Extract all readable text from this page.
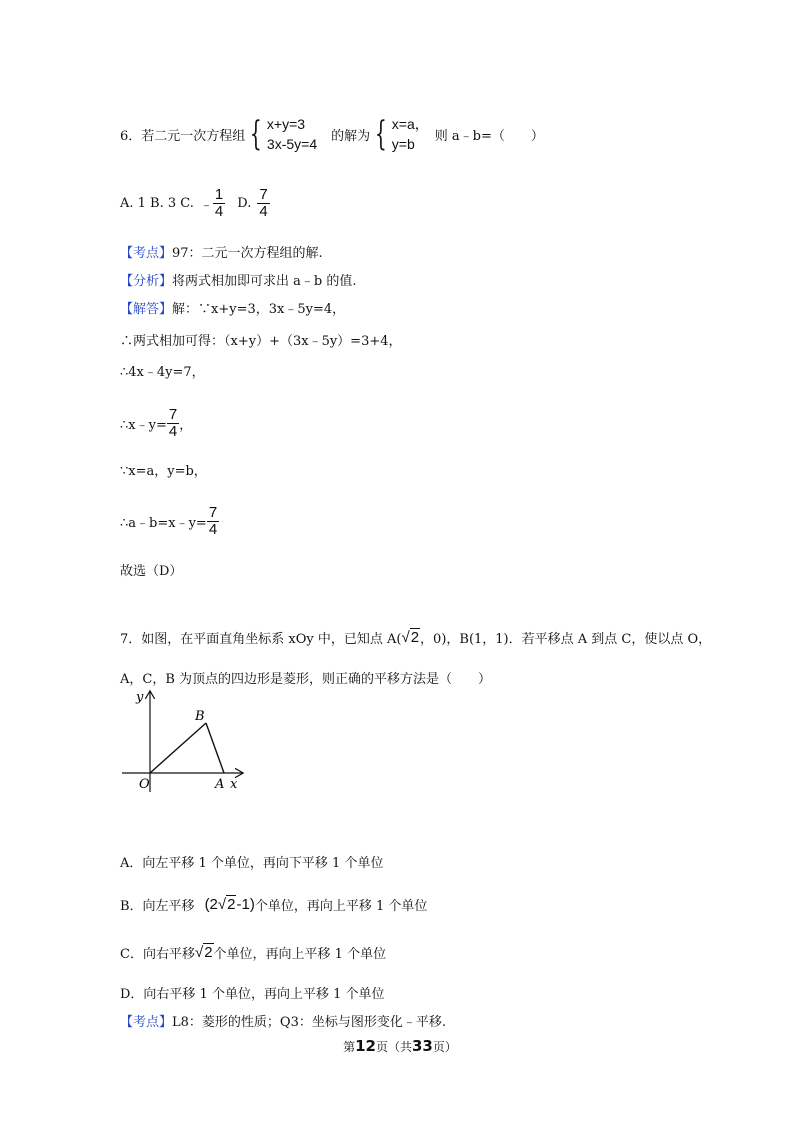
6．若二元一次方程组 { x+y=3
3x-5y=4 的解为 { x=a，
y=b	则 a﹣b=（　　）
A. 1 B. 3 C. ﹣ $\frac{1}{4} D$. $\frac{7}{4}$
【考点】97：二元一次方程组的解.
【分析】将两式相加即可求出 a﹣b 的值.
【解答】解：∵x+y=3，3x﹣5y=4，
∴两式相加可得：（x+y）+（3x﹣5y）=3+4，
∴4x﹣4y=7，
∴x﹣y= $\frac{7}{4}$ ，
∵x=a，y=b，
∴a﹣b=x﹣y= $\frac{7}{4}$
故选（D）
7．如图，在平面直角坐标系 xOy 中，已知点 A( √2 ，0)，B(1，1)．若平移点 A 到点 C，使以点 O，
A，C，B 为顶点的四边形是菱形，则正确的平移方法是（　　）
y
x
O	A
B
A．向左平移 1 个单位，再向下平移 1 个单位
B．向左平移 (2√2-1) 个单位，再向上平移 1 个单位
C．向右平移 √2 个单位，再向上平移 1 个单位
D．向右平移 1 个单位，再向上平移 1 个单位
【考点】L8：菱形的性质；Q3：坐标与图形变化﹣平移.
第12页（共33页）
